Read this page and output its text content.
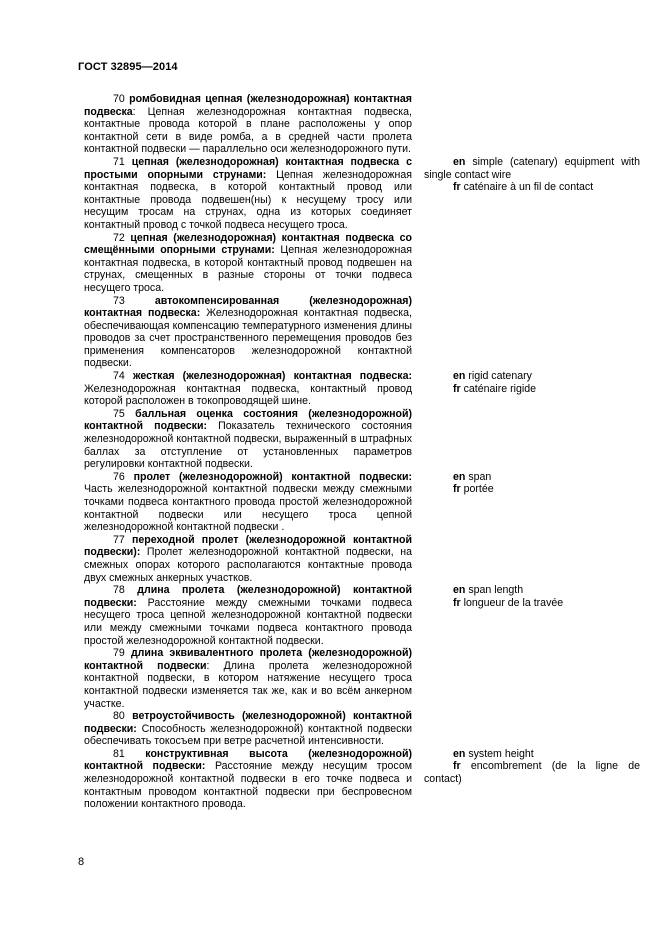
ГОСТ 32895—2014
70 ромбовидная цепная (железнодорожная) контактная подвеска: Цепная железнодорожная контактная подвеска, контактные провода которой в плане расположены у опор контактной сети в виде ромба, а в средней части пролета контактной подвески — параллельно оси железнодорожного пути.
71 цепная (железнодорожная) контактная подвеска с простыми опорными струнами: Цепная железнодорожная контактная подвеска, в которой контактный провод или контактные провода подвешен(ны) к несущему тросу или несущим тросам на струнах, одна из которых соединяет контактный провод с точкой подвеса несущего троса.

en simple (catenary) equipment with single contact wire

fr caténaire à un fil de contact

72 цепная (железнодорожная) контактная подвеска со смещёнными опорными струнами: Цепная железнодорожная контактная подвеска, в которой контактный провод подвешен на струнах, смещенных в разные стороны от точки подвеса несущего троса.
73	автокомпенсированная (железнодорожная) контактная подвеска: Железнодорожная контактная подвеска, обеспечивающая компенсацию температурного изменения длины проводов за счет пространственного перемещения проводов без применения компенсаторов железнодорожной контактной подвески.
74 жесткая (железнодорожная) контактная подвеска: Железнодорожная контактная подвеска, контактный провод которой расположен в токопроводящей шине.

en rigid catenary

fr caténaire rigide

75 балльная оценка состояния (железнодорожной) контактной подвески: Показатель технического состояния железнодорожной контактной подвески, выраженный в штрафных баллах за отступление от установленных параметров регулировки контактной подвески.
76 пролет (железнодорожной) контактной подвески: Часть железнодорожной контактной подвески между смежными точками подвеса контактного провода простой железнодорожной контактной подвески или несущего троса цепной железнодорожной контактной подвески .

en span

fr portée

77 переходной пролет (железнодорожной контактной подвески): Пролет железнодорожной контактной подвески, на смежных опорах которого располагаются контактные провода двух смежных анкерных участков.
78 длина пролета (железнодорожной) контактной подвески: Расстояние между смежными точками подвеса несущего троса цепной железнодорожной контактной подвески или между смежными точками подвеса контактного провода простой железнодорожной контактной подвески.

en span length

fr longueur de la travée

79 длина эквивалентного пролета (железнодорожной) контактной подвески: Длина пролета железнодорожной контактной подвески, в котором натяжение несущего троса контактной подвески изменяется так же, как и во всём анкерном участке.
80 ветроустойчивость (железнодорожной) контактной подвески: Способность железнодорожной) контактной подвески обеспечивать токосъем при ветре расчетной интенсивности.
81 конструктивная высота (железнодорожной) контактной подвески: Расстояние между несущим тросом железнодорожной контактной подвески в его точке подвеса и контактным проводом контактной подвески при беспровесном положении контактного провода.

en system height

fr encombrement (de la ligne de contact)

8
